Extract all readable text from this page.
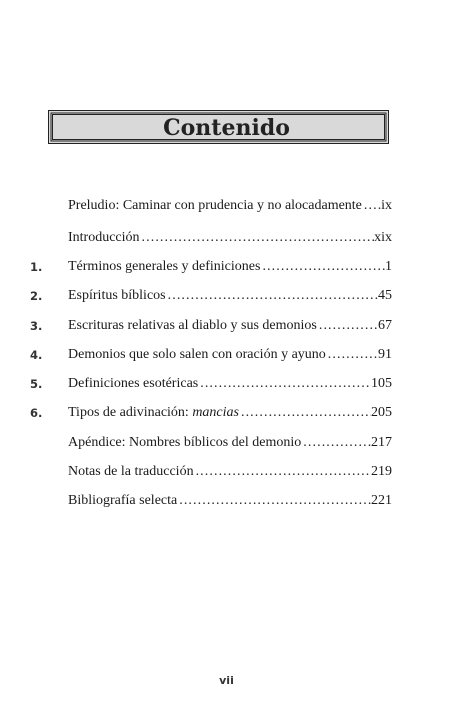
Contenido
Preludio: Caminar con prudencia y no alocadamente . . . ix
Introducción . . .	xix
1.	Términos generales y definiciones . . .	1
2.	Espíritus bíblicos . . .	45
3.	Escrituras relativas al diablo y sus demonios . . .	67
4.	Demonios que solo salen con oración y ayuno . . .	91
5.	Definiciones esotéricas . . .	105
6.	Tipos de adivinación: mancias . . .	205
Apéndice: Nombres bíblicos del demonio . . .	217
Notas de la traducción . . .	219
Bibliografía selecta . . .	221
vii
